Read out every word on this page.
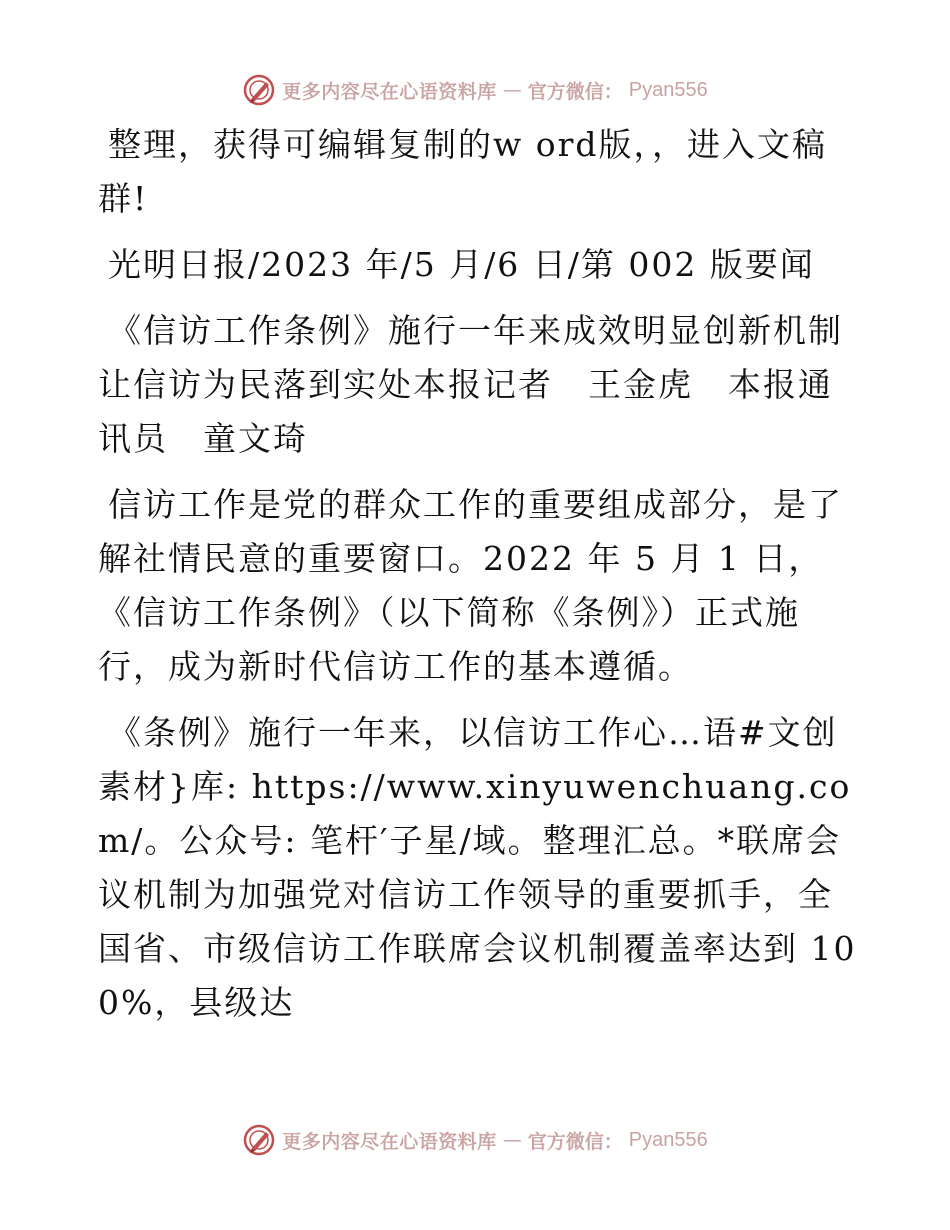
更多内容尽在心语资料库 — 官方微信： Pyan556

整理，获得可编辑复制的w ord版，，进入文稿群!

光明日报/2023 年/5 月/6 日/第 002 版要闻

《信访工作条例》施行一年来成效明显创新机制让信访为民落到实处本报记者　王金虎　本报通讯员　童文琦

信访工作是党的群众工作的重要组成部分，是了解社情民意的重要窗口。2022 年 5 月 1 日，《信访工作条例》（以下简称《条例》）正式施行，成为新时代信访工作的基本遵循。

《条例》施行一年来，以信访工作心…语#文创素材}库: https://www.xinyuwenchuang.com/。公众号: 笔杆′子星/域。整理汇总。*联席会议机制为加强党对信访工作领导的重要抓手，全国省、市级信访工作联席会议机制覆盖率达到 100%，县级达

更多内容尽在心语资料库 — 官方微信： Pyan556
